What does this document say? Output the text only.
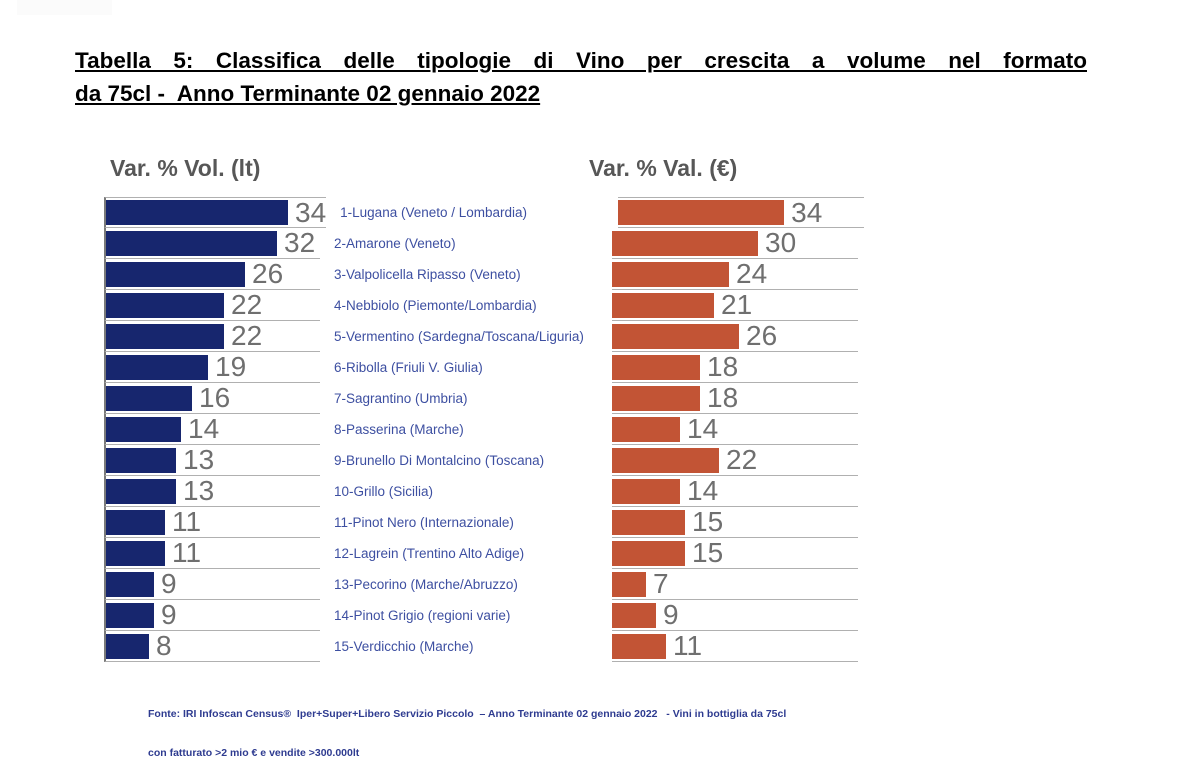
Tabella 5: Classifica delle tipologie di Vino per crescita a volume nel formato
da 75cl -  Anno Terminante 02 gennaio 2022
Var. % Vol. (lt)	Var. % Val. (€)
34	1-Lugana (Veneto / Lombardia)	34
32	2-Amarone (Veneto)	30
26	3-Valpolicella Ripasso (Veneto)	24
22	4-Nebbiolo (Piemonte/Lombardia)	21
22	5-Vermentino (Sardegna/Toscana/Liguria)	26
19	6-Ribolla (Friuli V. Giulia)	18
16	7-Sagrantino (Umbria)	18
14	8-Passerina (Marche)	14
13	9-Brunello Di Montalcino (Toscana)	22
13	10-Grillo (Sicilia)	14
11	11-Pinot Nero (Internazionale)	15
11	12-Lagrein (Trentino Alto Adige)	15
9	13-Pecorino (Marche/Abruzzo)	7
9	14-Pinot Grigio (regioni varie)	9
8	15-Verdicchio (Marche)	11

Fonte: IRI Infoscan Census®  Iper+Super+Libero Servizio Piccolo  – Anno Terminante 02 gennaio 2022   - Vini in bottiglia da 75cl

con fatturato >2 mio € e vendite >300.000lt
